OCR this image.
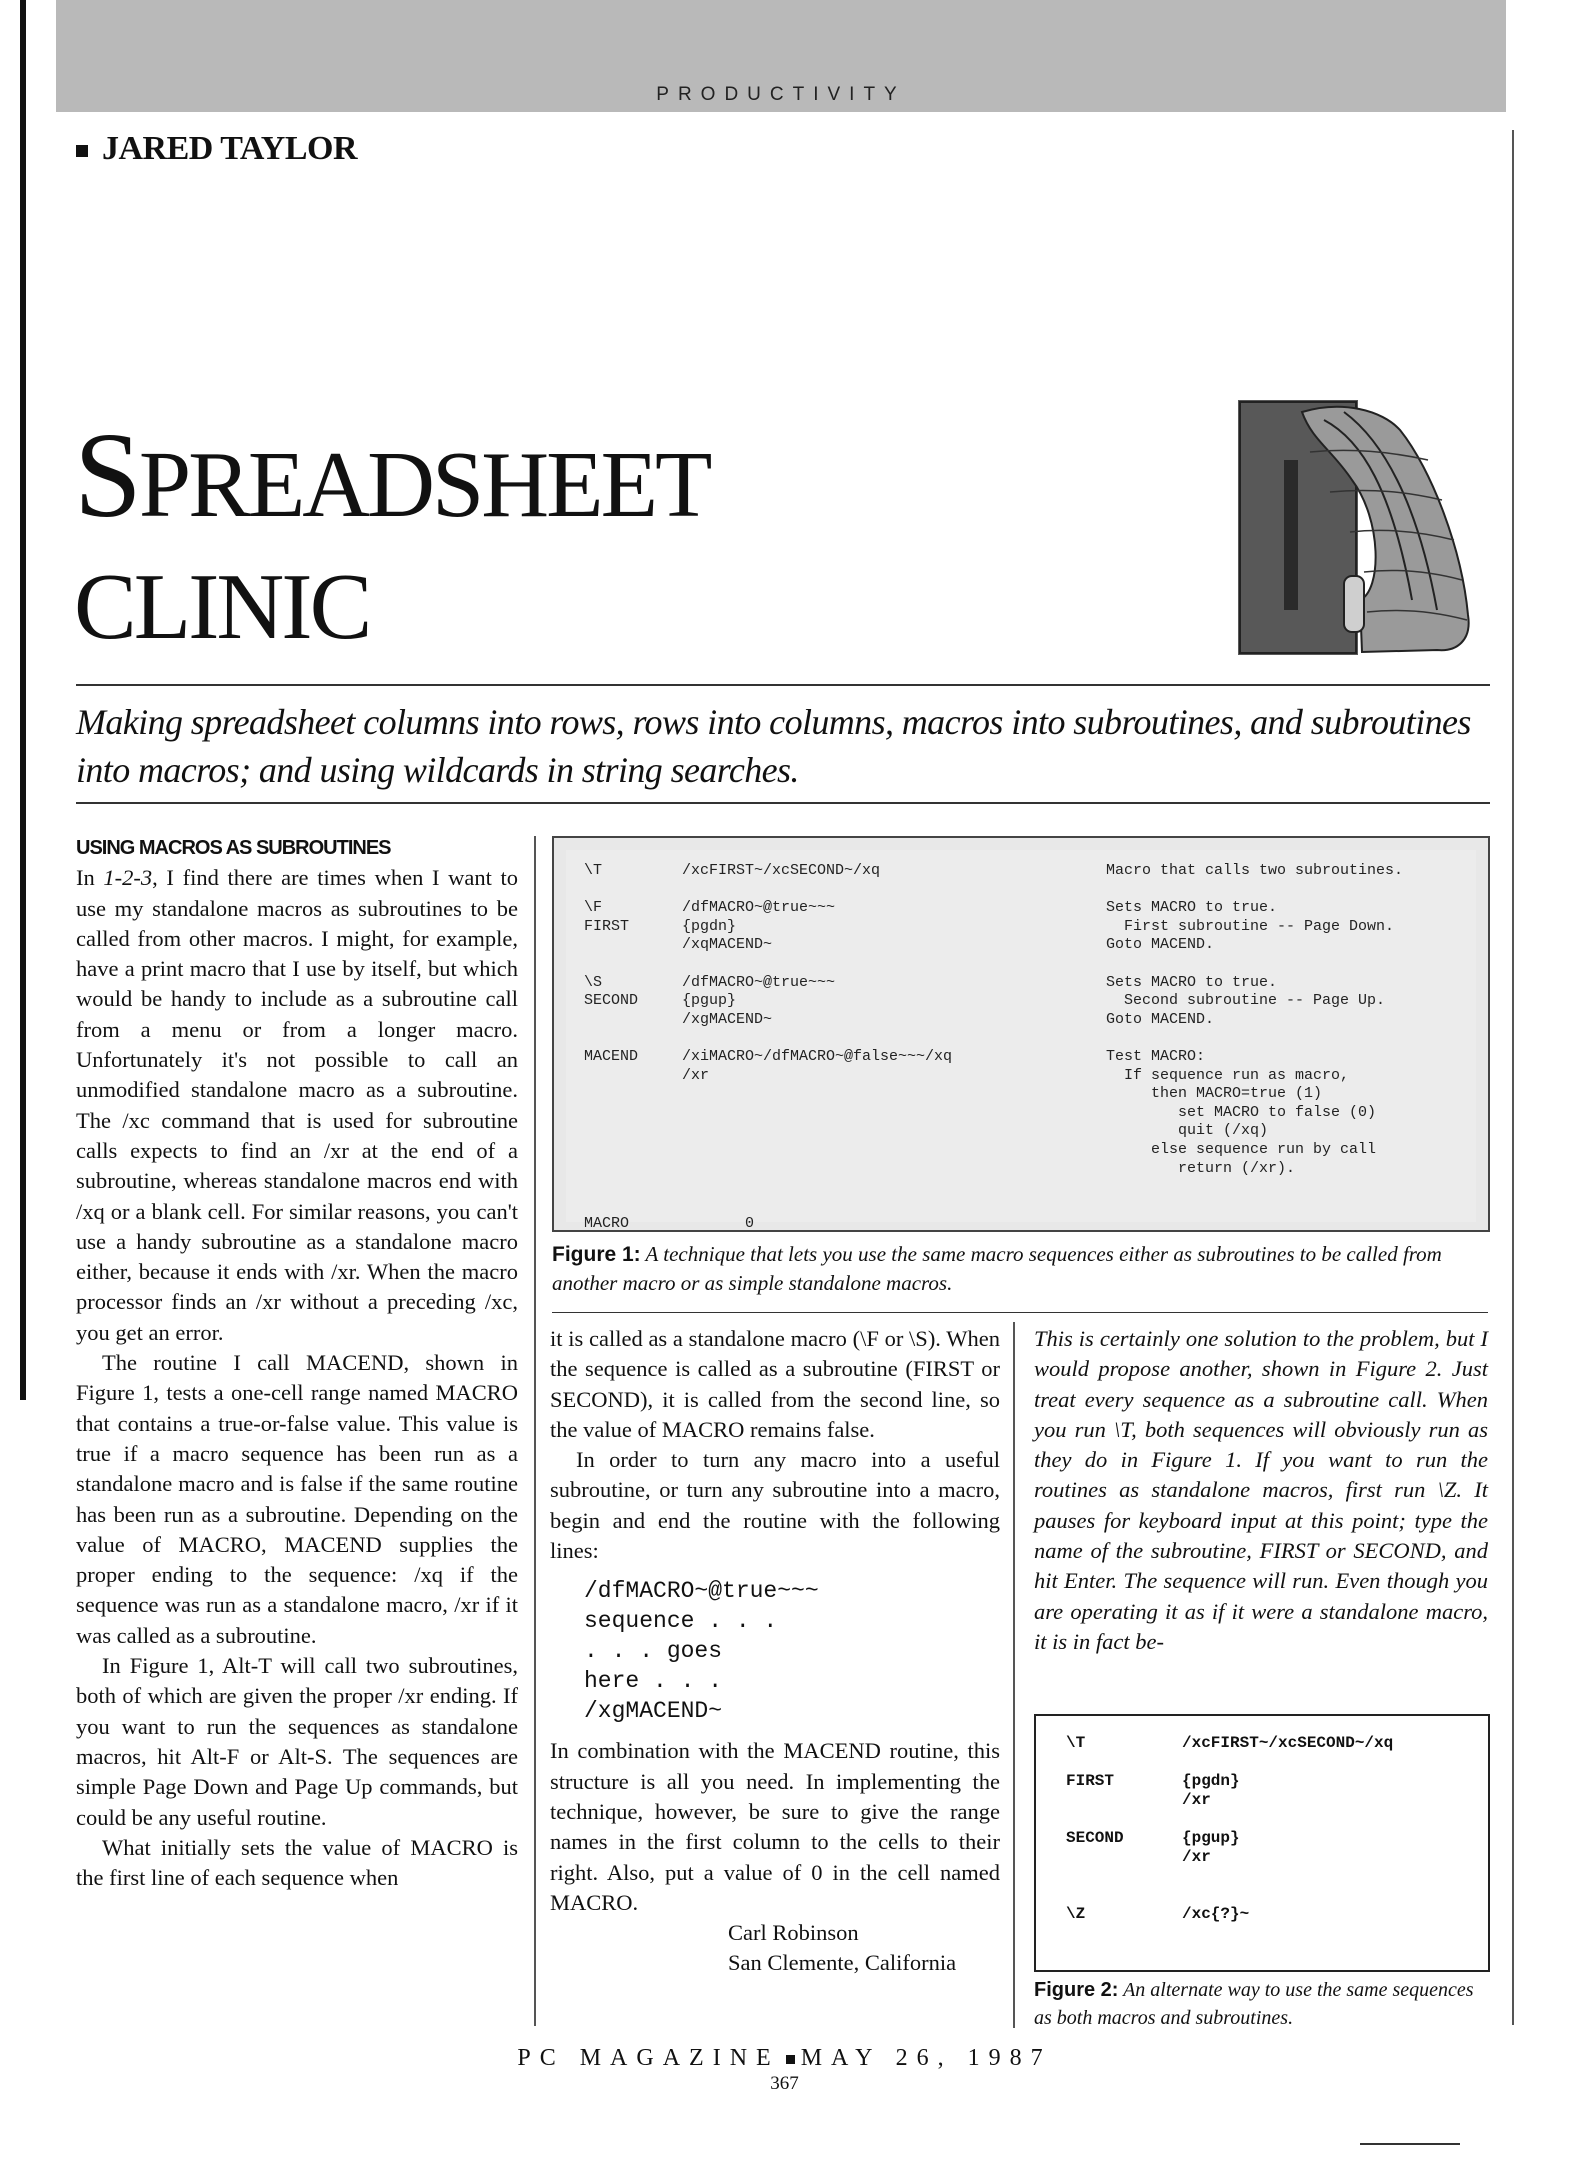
PRODUCTIVITY
JARED TAYLOR
SPREADSHEET
CLINIC
Making spreadsheet columns into rows, rows into columns, macros into subroutines, and subroutines into macros; and using wildcards in string searches.

USING MACROS AS SUBROUTINES

In 1-2-3, I find there are times when I want to use my standalone macros as subroutines to be called from other macros. I might, for example, have a print macro that I use by itself, but which would be handy to include as a subroutine call from a menu or from a longer macro. Unfortunately it's not possible to call an unmodified standalone macro as a subroutine. The /xc command that is used for subroutine calls expects to find an /xr at the end of a subroutine, whereas standalone macros end with /xq or a blank cell. For similar reasons, you can't use a handy subroutine as a standalone macro either, because it ends with /xr. When the macro processor finds an /xr without a preceding /xc, you get an error.

The routine I call MACEND, shown in Figure 1, tests a one-cell range named MACRO that contains a true-or-false value. This value is true if a macro sequence has been run as a standalone macro and is false if the same routine has been run as a subroutine. Depending on the value of MACRO, MACEND supplies the proper ending to the sequence: /xq if the sequence was run as a standalone macro, /xr if it was called as a subroutine.

In Figure 1, Alt-T will call two subroutines, both of which are given the proper /xr ending. If you want to run the sequences as standalone macros, hit Alt-F or Alt-S. The sequences are simple Page Down and Page Up commands, but could be any useful routine.

What initially sets the value of MACRO is the first line of each sequence when

\T

\F
FIRST

\S
SECOND

MACEND

MACRO
/xcFIRST~/xcSECOND~/xq

/dfMACRO~@true~~~
{pgdn}
/xqMACEND~

/dfMACRO~@true~~~
{pgup}
/xgMACEND~

/xiMACRO~/dfMACRO~@false~~~/xq
/xr

0
Macro that calls two subroutines.

Sets MACRO to true.
First subroutine -- Page Down.
Goto MACEND.

Sets MACRO to true.
Second subroutine -- Page Up.
Goto MACEND.

Test MACRO:
If sequence run as macro,
then MACRO=true (1)
set MACRO to false (0)
quit (/xq)
else sequence run by call
return (/xr).
Figure 1: A technique that lets you use the same macro sequences either as subroutines to be called from another macro or as simple standalone macros.

it is called as a standalone macro (\F or \S). When the sequence is called as a subroutine (FIRST or SECOND), it is called from the second line, so the value of MACRO remains false.

In order to turn any macro into a useful subroutine, or turn any subroutine into a macro, begin and end the routine with the following lines:

/dfMACRO~@true~~~
sequence . . .
. . . goes
here . . .
/xgMACEND~

In combination with the MACEND routine, this structure is all you need. In implementing the technique, however, be sure to give the range names in the first column to the cells to their right. Also, put a value of 0 in the cell named MACRO.

Carl Robinson

San Clemente, California

This is certainly one solution to the problem, but I would propose another, shown in Figure 2. Just treat every sequence as a subroutine call. When you run \T, both sequences will obviously run as they do in Figure 1. If you want to run the routines as standalone macros, first run \Z. It pauses for keyboard input at this point; type the name of the subroutine, FIRST or SECOND, and hit Enter. The sequence will run. Even though you are operating it as if it were a standalone macro, it is in fact be-

\T

FIRST

SECOND

\Z
/xcFIRST~/xcSECOND~/xq

{pgdn}
/xr

{pgup}
/xr

/xc{?}~
Figure 2: An alternate way to use the same sequences as both macros and subroutines.
PC MAGAZINE MAY 26, 1987
367
